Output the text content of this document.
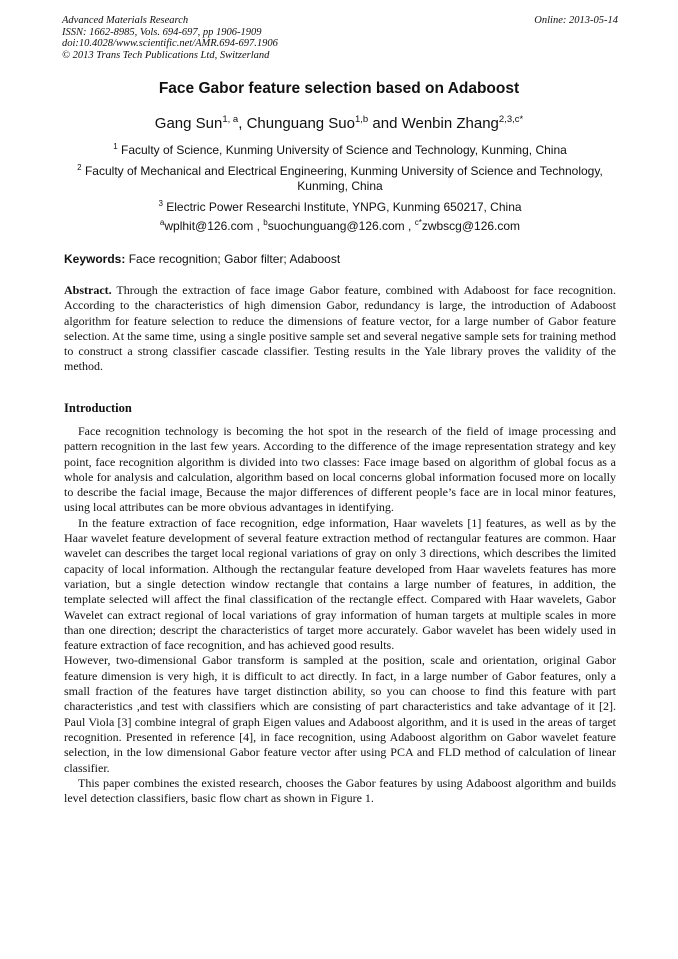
Advanced Materials Research
ISSN: 1662-8985, Vols. 694-697, pp 1906-1909
doi:10.4028/www.scientific.net/AMR.694-697.1906
© 2013 Trans Tech Publications Ltd, Switzerland
Online: 2013-05-14
Face Gabor feature selection based on Adaboost
Gang Sun$^{1, a}$, Chunguang Suo$^{1,b}$ and Wenbin Zhang$^{2,3,c*}$
$^1$ Faculty of Science, Kunming University of Science and Technology, Kunming, China
$^2$ Faculty of Mechanical and Electrical Engineering, Kunming University of Science and Technology, Kunming, China
$^3$ Electric Power Researchi Institute, YNPG, Kunming 650217, China
$^a$wplhit@126.com , $^b$suochunguang@126.com , $^{c*}$zwbscg@126.com
Keywords: Face recognition; Gabor filter; Adaboost

Abstract. Through the extraction of face image Gabor feature, combined with Adaboost for face recognition. According to the characteristics of high dimension Gabor, redundancy is large, the introduction of Adaboost algorithm for feature selection to reduce the dimensions of feature vector, for a large number of Gabor feature selection. At the same time, using a single positive sample set and several negative sample sets for training method to construct a strong classifier cascade classifier. Testing results in the Yale library proves the validity of the method.

Introduction

Face recognition technology is becoming the hot spot in the research of the field of image processing and pattern recognition in the last few years. According to the difference of the image representation strategy and key point, face recognition algorithm is divided into two classes: Face image based on algorithm of global focus as a whole for analysis and calculation, algorithm based on local concerns global information focused more on locally to describe the facial image, Because the major differences of different people’s face are in local minor features, using local attributes can be more obvious advantages in identifying.

In the feature extraction of face recognition, edge information, Haar wavelets [1] features, as well as by the Haar wavelet feature development of several feature extraction method of rectangular features are common. Haar wavelet can describes the target local regional variations of gray on only 3 directions, which describes the limited capacity of local information. Although the rectangular feature developed from Haar wavelets features has more variation, but a single detection window rectangle that contains a large number of features, in addition, the template selected will affect the final classification of the rectangle effect. Compared with Haar wavelets, Gabor Wavelet can extract regional of local variations of gray information of human targets at multiple scales in more than one direction; descript the characteristics of target more accurately. Gabor wavelet has been widely used in feature extraction of face recognition, and has achieved good results.

However, two-dimensional Gabor transform is sampled at the position, scale and orientation, original Gabor feature dimension is very high, it is difficult to act directly. In fact, in a large number of Gabor features, only a small fraction of the features have target distinction ability, so you can choose to find this feature with part characteristics ,and test with classifiers which are consisting of part characteristics and take advantage of it [2]. Paul Viola [3] combine integral of graph Eigen values and Adaboost algorithm, and it is used in the areas of target recognition. Presented in reference [4], in face recognition, using Adaboost algorithm on Gabor wavelet feature selection, in the low dimensional Gabor feature vector after using PCA and FLD method of calculation of linear classifier.

This paper combines the existed research, chooses the Gabor features by using Adaboost algorithm and builds level detection classifiers, basic flow chart as shown in Figure 1.
